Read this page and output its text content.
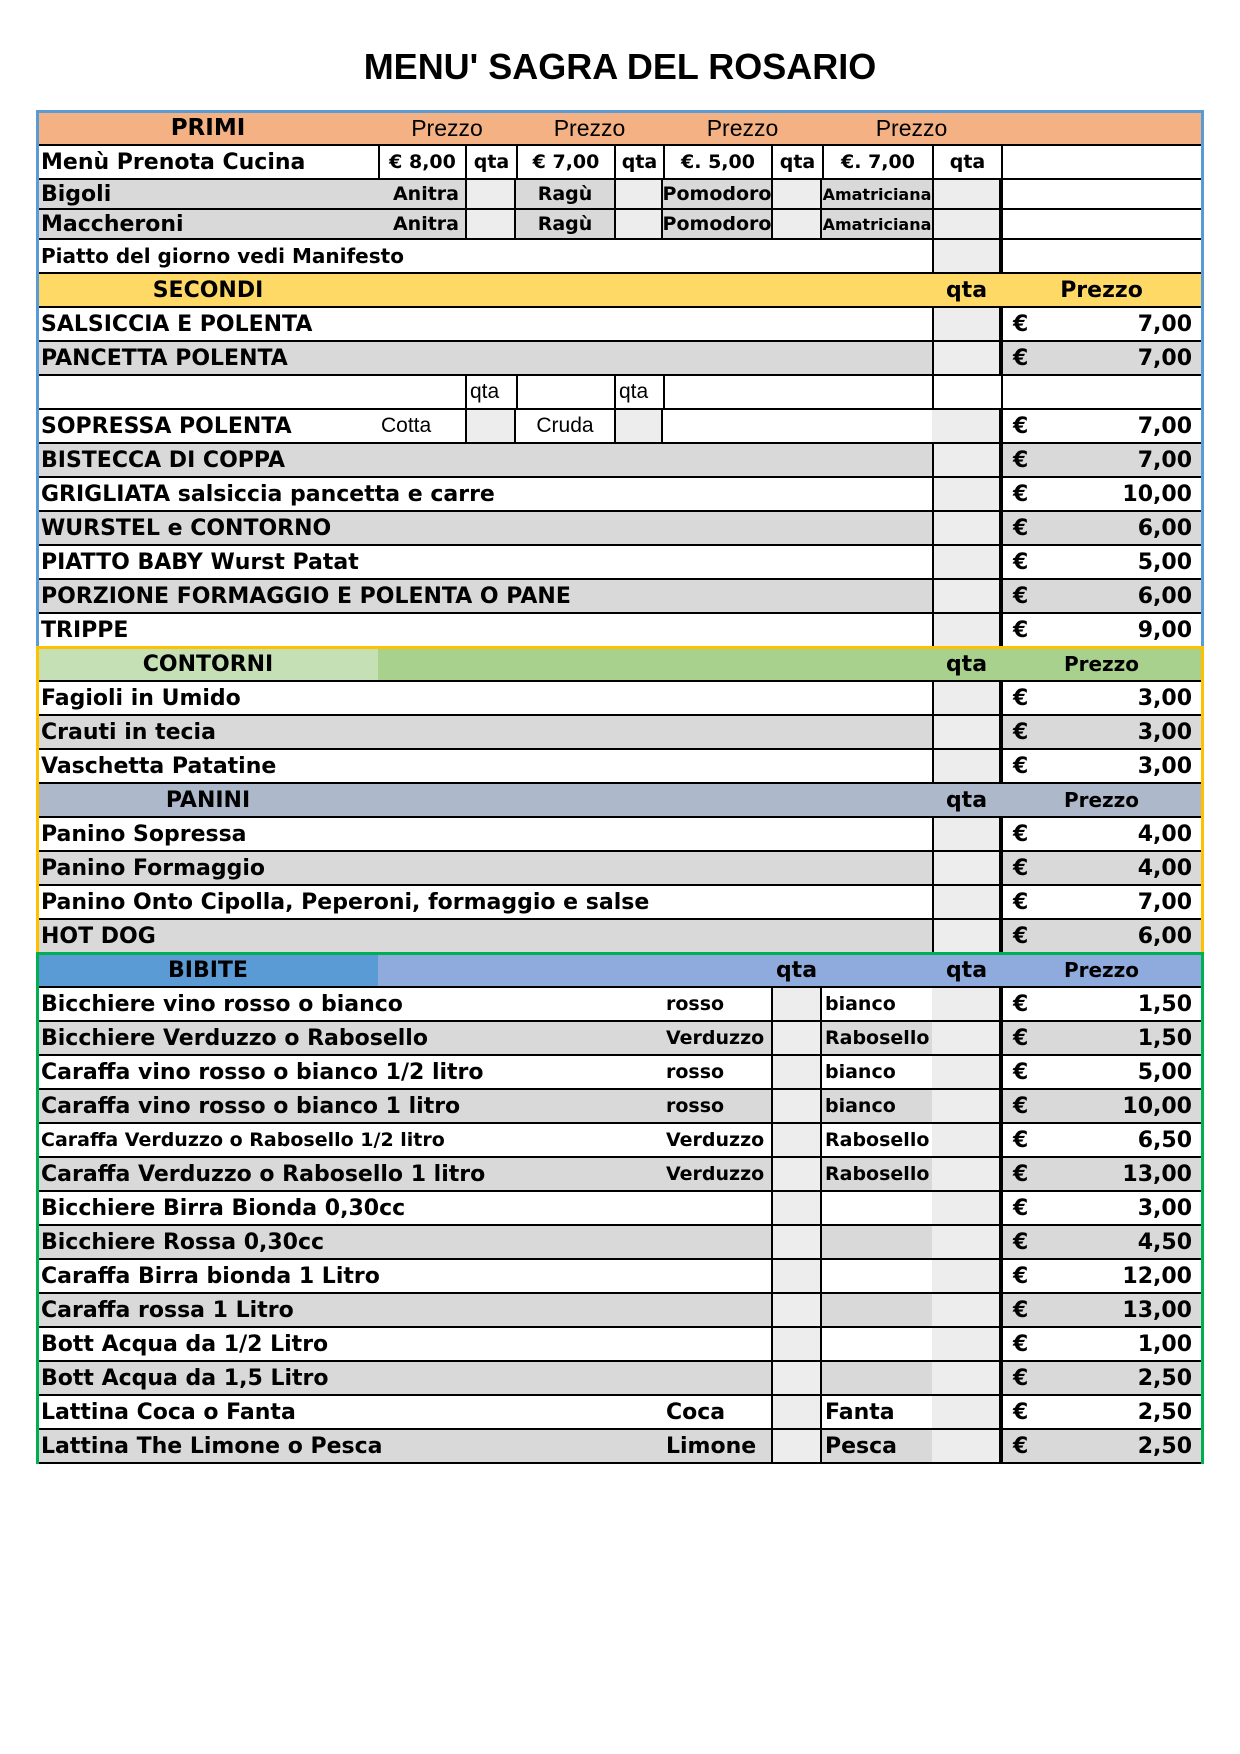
MENU' SAGRA DEL ROSARIO
PRIMI	Prezzo	Prezzo	Prezzo	Prezzo
Menù Prenota Cucina	€ 8,00 qta	€ 7,00	qta	€. 5,00	qta	€. 7,00	qta
Bigoli	Anitra	Ragù	Pomodoro	Amatriciana
Maccheroni	Anitra	Ragù	Pomodoro	Amatriciana
Piatto del giorno vedi Manifesto
SECONDI	qta	Prezzo
SALSICCIA E POLENTA	€	7,00
PANCETTA POLENTA	€	7,00
qta	qta
SOPRESSA POLENTA	Cotta	Cruda	€	7,00
BISTECCA DI COPPA	€	7,00
GRIGLIATA salsiccia pancetta e carre	€	10,00
WURSTEL e CONTORNO	€	6,00
PIATTO BABY Wurst Patat	€	5,00
PORZIONE FORMAGGIO E POLENTA O PANE	€	6,00
TRIPPE	€	9,00
CONTORNI	qta	Prezzo
Fagioli in Umido	€	3,00
Crauti in tecia	€	3,00
Vaschetta Patatine	€	3,00
PANINI	qta	Prezzo
Panino Sopressa	€	4,00
Panino Formaggio	€	4,00
Panino Onto Cipolla, Peperoni, formaggio e salse	€	7,00
HOT DOG	€	6,00
BIBITE	qta	qta	Prezzo
Bicchiere vino rosso o bianco	rosso	bianco	€	1,50
Bicchiere Verduzzo o Rabosello	Verduzzo	Rabosello	€	1,50
Caraffa vino rosso o bianco 1/2 litro	rosso	bianco	€	5,00
Caraffa vino rosso o bianco 1 litro	rosso	bianco	€	10,00
Caraffa Verduzzo o Rabosello 1/2 litro	Verduzzo	Rabosello	€	6,50
Caraffa Verduzzo o Rabosello 1 litro	Verduzzo	Rabosello	€	13,00
Bicchiere Birra Bionda 0,30cc	€	3,00
Bicchiere Rossa 0,30cc	€	4,50
Caraffa Birra bionda 1 Litro	€	12,00
Caraffa rossa 1 Litro	€	13,00
Bott Acqua da 1/2 Litro	€	1,00
Bott Acqua da 1,5 Litro	€	2,50
Lattina Coca o Fanta	Coca	Fanta	€	2,50
Lattina The Limone o Pesca	Limone	Pesca	€	2,50
